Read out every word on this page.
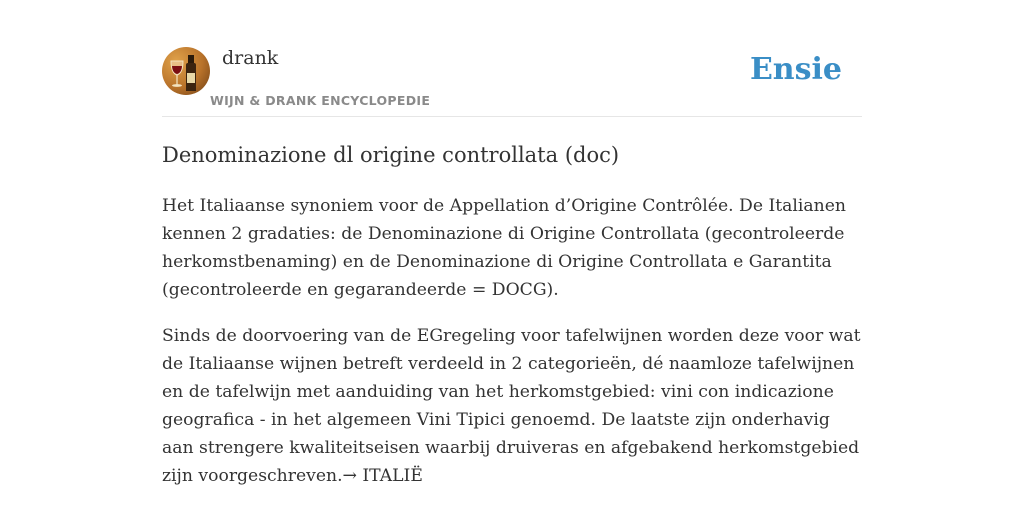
drank
WIJN & DRANK ENCYCLOPEDIE
Ensie
Denominazione dl origine controllata (doc)

Het Italiaanse synoniem voor de Appellation d’Origine Contrôlée. De Italianen kennen 2 gradaties: de Denominazione di Origine Controllata (gecontroleerde herkomstbenaming) en de Denominazione di Origine Controllata e Garantita (gecontroleerde en gegarandeerde = DOCG).

Sinds de doorvoering van de EGregeling voor tafelwijnen worden deze voor wat de Italiaanse wijnen betreft verdeeld in 2 categorieën, dé naamloze tafelwijnen en de tafelwijn met aanduiding van het herkomstgebied: vini con indicazione geografica - in het algemeen Vini Tipici genoemd. De laatste zijn onderhavig aan strengere kwaliteitseisen waarbij druiveras en afgebakend herkomstgebied zijn voorgeschreven.→ ITALIË
